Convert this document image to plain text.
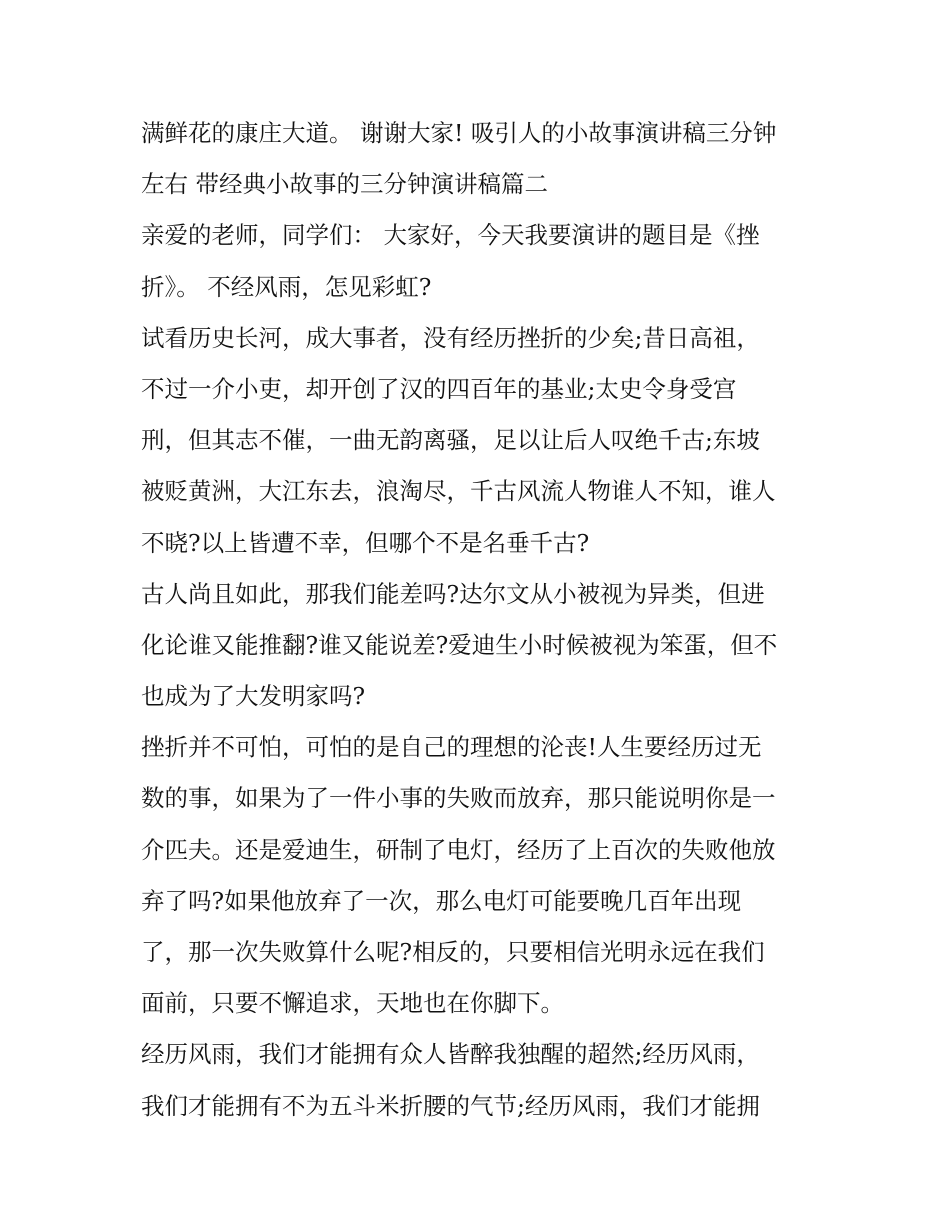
满鲜花的康庄大道。 谢谢大家! 吸引人的小故事演讲稿三分钟
左右 带经典小故事的三分钟演讲稿篇二
亲爱的老师，同学们： 大家好，今天我要演讲的题目是《挫
折》。 不经风雨，怎见彩虹?
试看历史长河，成大事者，没有经历挫折的少矣;昔日高祖，
不过一介小吏，却开创了汉的四百年的基业;太史令身受宫
刑，但其志不催，一曲无韵离骚，足以让后人叹绝千古;东坡
被贬黄洲，大江东去，浪淘尽，千古风流人物谁人不知，谁人
不晓?以上皆遭不幸，但哪个不是名垂千古?
古人尚且如此，那我们能差吗?达尔文从小被视为异类，但进
化论谁又能推翻?谁又能说差?爱迪生小时候被视为笨蛋，但不
也成为了大发明家吗?
挫折并不可怕，可怕的是自己的理想的沦丧!人生要经历过无
数的事，如果为了一件小事的失败而放弃，那只能说明你是一
介匹夫。还是爱迪生，研制了电灯，经历了上百次的失败他放
弃了吗?如果他放弃了一次，那么电灯可能要晚几百年出现
了，那一次失败算什么呢?相反的，只要相信光明永远在我们
面前，只要不懈追求，天地也在你脚下。
经历风雨，我们才能拥有众人皆醉我独醒的超然;经历风雨，
我们才能拥有不为五斗米折腰的气节;经历风雨，我们才能拥
